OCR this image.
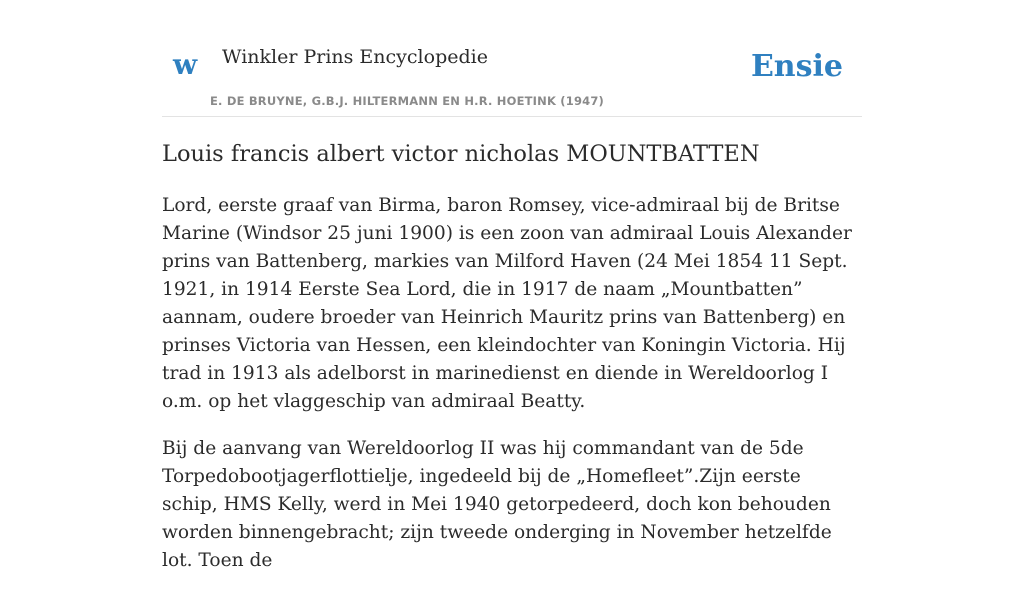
w Winkler Prins Encyclopedie
E. DE BRUYNE, G.B.J. HILTERMANN EN H.R. HOETINK (1947)
Ensie
Louis francis albert victor nicholas MOUNTBATTEN

Lord, eerste graaf van Birma, baron Romsey, vice-admiraal bij de Britse Marine (Windsor 25 juni 1900) is een zoon van admiraal Louis Alexander prins van Battenberg, markies van Milford Haven (24 Mei 1854 11 Sept. 1921, in 1914 Eerste Sea Lord, die in 1917 de naam „Mountbatten” aannam, oudere broeder van Heinrich Mauritz prins van Battenberg) en prinses Victoria van Hessen, een kleindochter van Koningin Victoria. Hij trad in 1913 als adelborst in marinedienst en diende in Wereldoorlog I o.m. op het vlaggeschip van admiraal Beatty.

Bij de aanvang van Wereldoorlog II was hij commandant van de 5de Torpedobootjagerflottielje, ingedeeld bij de „Homefleet”.Zijn eerste schip, HMS Kelly, werd in Mei 1940 getorpedeerd, doch kon behouden worden binnengebracht; zijn tweede onderging in November hetzelfde lot. Toen de
